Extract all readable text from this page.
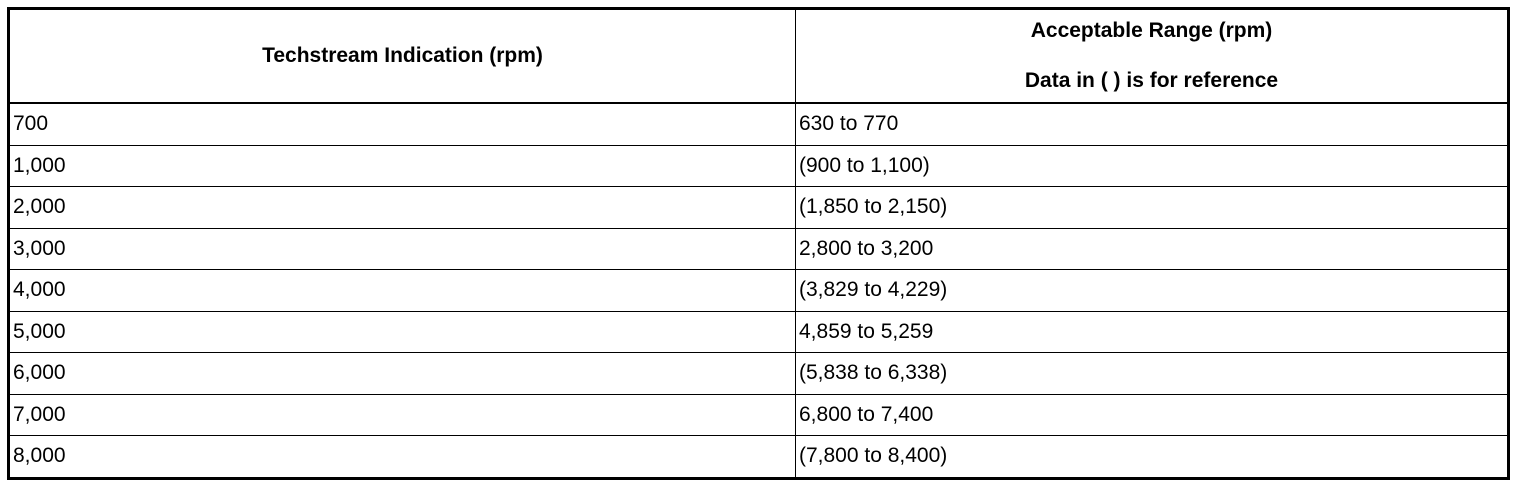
Techstream Indication (rpm)	Acceptable Range (rpm)
Data in ( ) is for reference

700	630 to 770
1,000	(900 to 1,100)
2,000	(1,850 to 2,150)
3,000	2,800 to 3,200
4,000	(3,829 to 4,229)
5,000	4,859 to 5,259
6,000	(5,838 to 6,338)
7,000	6,800 to 7,400
8,000	(7,800 to 8,400)
